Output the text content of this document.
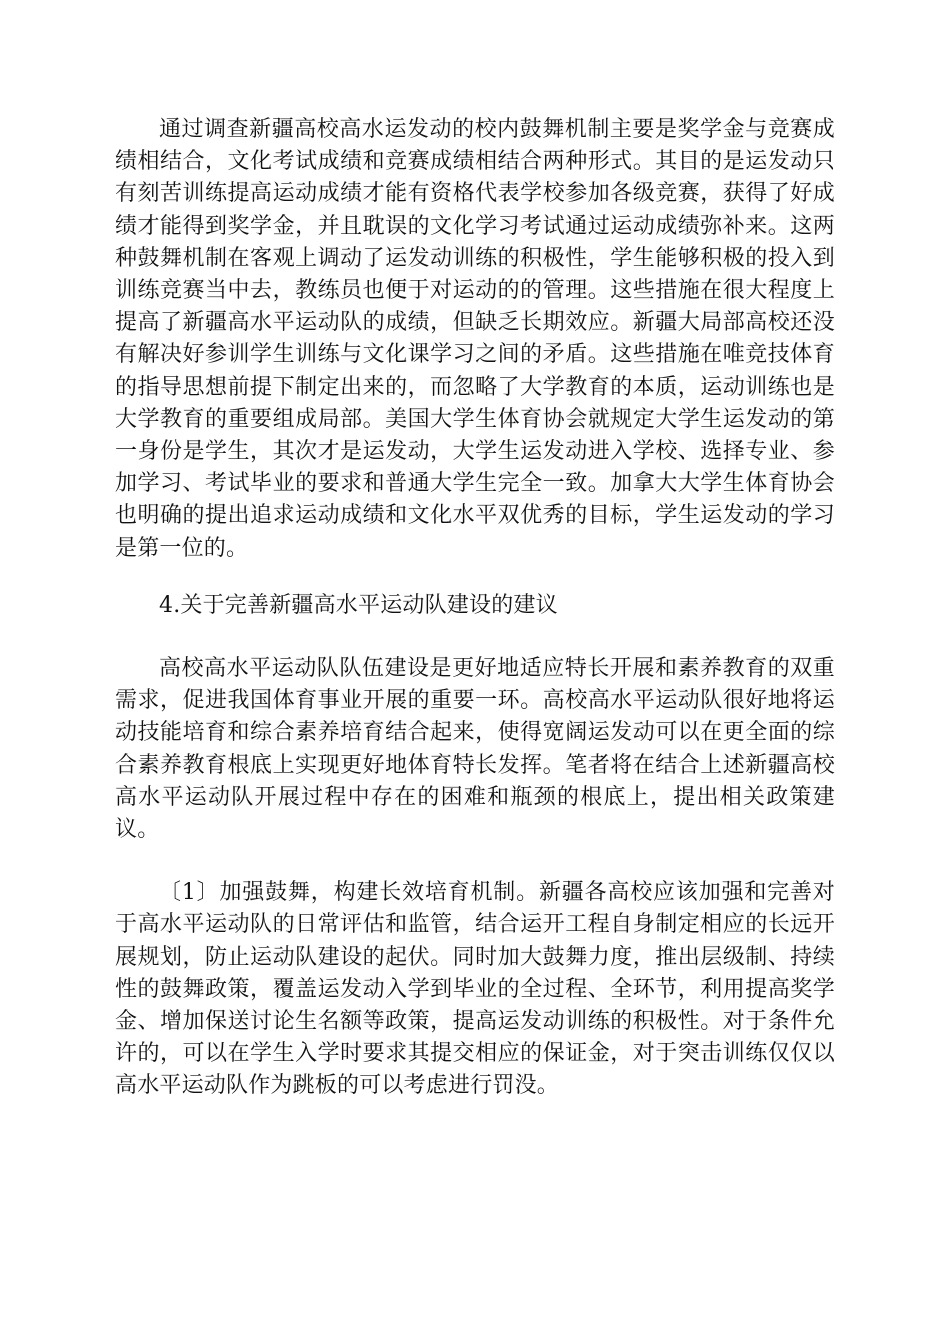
通过调查新疆高校高水运发动的校内鼓舞机制主要是奖学金与竞赛成绩相结合，文化考试成绩和竞赛成绩相结合两种形式。其目的是运发动只有刻苦训练提高运动成绩才能有资格代表学校参加各级竞赛，获得了好成绩才能得到奖学金，并且耽误的文化学习考试通过运动成绩弥补来。这两种鼓舞机制在客观上调动了运发动训练的积极性，学生能够积极的投入到训练竞赛当中去，教练员也便于对运动的的管理。这些措施在很大程度上提高了新疆高水平运动队的成绩，但缺乏长期效应。新疆大局部高校还没有解决好参训学生训练与文化课学习之间的矛盾。这些措施在唯竞技体育的指导思想前提下制定出来的，而忽略了大学教育的本质，运动训练也是大学教育的重要组成局部。美国大学生体育协会就规定大学生运发动的第一身份是学生，其次才是运发动，大学生运发动进入学校、选择专业、参加学习、考试毕业的要求和普通大学生完全一致。加拿大大学生体育协会也明确的提出追求运动成绩和文化水平双优秀的目标，学生运发动的学习是第一位的。

4.关于完善新疆高水平运动队建设的建议

高校高水平运动队队伍建设是更好地适应特长开展和素养教育的双重需求，促进我国体育事业开展的重要一环。高校高水平运动队很好地将运动技能培育和综合素养培育结合起来，使得宽阔运发动可以在更全面的综合素养教育根底上实现更好地体育特长发挥。笔者将在结合上述新疆高校高水平运动队开展过程中存在的困难和瓶颈的根底上，提出相关政策建议。

〔1〕加强鼓舞，构建长效培育机制。新疆各高校应该加强和完善对于高水平运动队的日常评估和监管，结合运开工程自身制定相应的长远开展规划，防止运动队建设的起伏。同时加大鼓舞力度，推出层级制、持续性的鼓舞政策，覆盖运发动入学到毕业的全过程、全环节，利用提高奖学金、增加保送讨论生名额等政策，提高运发动训练的积极性。对于条件允许的，可以在学生入学时要求其提交相应的保证金，对于突击训练仅仅以高水平运动队作为跳板的可以考虑进行罚没。
